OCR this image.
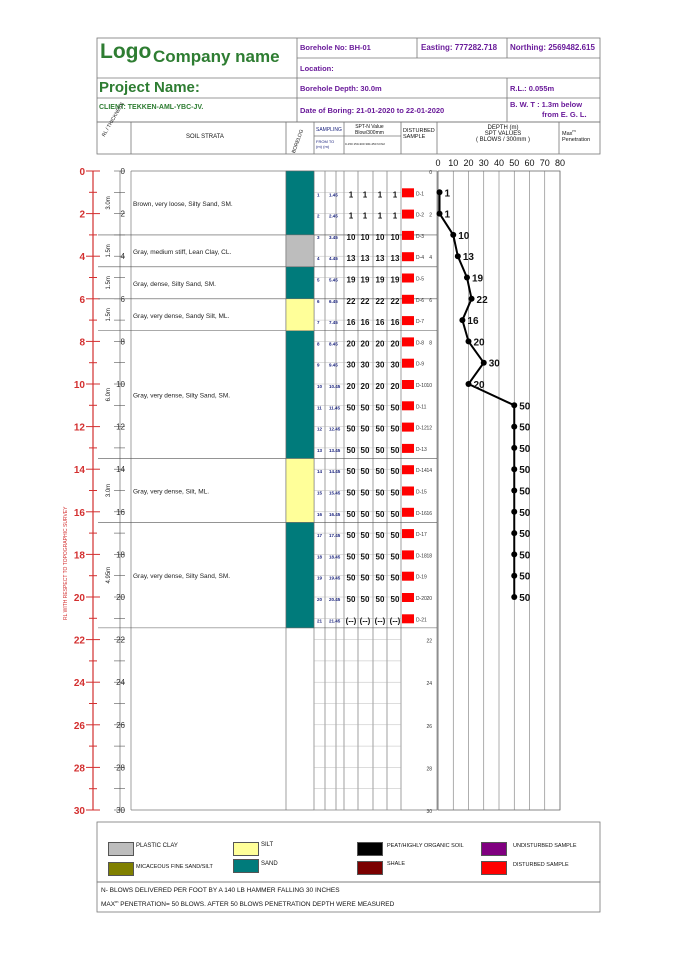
0	0	0
2	2	2
4	4	4
6	6	6
8	8	8
10	10	10
12	12	12
14	14	14
16	16	16
18	18	18
20	20	20
22	22	22
24	24	24
26	26	26
28	28	28
30	30	30
Brown, very loose, Silty Sand, SM.
3.0m
Gray, medium stiff, Lean Clay, CL.
1.5m
Gray, dense, Silty Sand, SM.
1.5m
Gray, very dense, Sandy Silt, ML.
1.5m
Gray, very dense, Silty Sand, SM.
6.0m
Gray, very dense, Silt, ML.
3.0m
Gray, very dense, Silty Sand, SM.
4.95m
1 1.45 1 1 1 1	D-1
2 2.45 1 1 1 1	D-2
3 3.45 10 10 10 10	D-3
4 4.45 13 13 13 13	D-4
5 5.45 19 19 19 19	D-5
6 6.45 22 22 22 22	D-6
7 7.45 16 16 16 16	D-7
8 8.45 20 20 20 20	D-8
9 9.45 30 30 30 30	D-9
10 10.45 20 20 20 20	D-10
11 11.45 50 50 50 50	D-11
12 12.45 50 50 50 50	D-12
13 13.45 50 50 50 50	D-13
14 14.45 50 50 50 50	D-14
15 15.45 50 50 50 50	D-15
16 16.45 50 50 50 50	D-16
17 17.45 50 50 50 50	D-17
18 18.45 50 50 50 50	D-18
19 19.45 50 50 50 50	D-19
20 20.45 50 50 50 50	D-20
21 21.45 (--) (--) (--) (--)	D-21
0 10 20 30 40 50 60 70 80
1
1
10
13
19
22
16
20
30
20
50
50
50
50
50
50
50
50
50
50
Logo Company name
Project Name:
CLIENT: TEKKEN-AML-YBC-JV.
Borehole No: BH-01	Easting: 777282.718 Northing: 2569482.615
Location:
Borehole Depth: 30.0m	R.L.: 0.055m
Date of Boring: 21-01-2020 to 22-01-2020
B. W. T : 1.3m below
from E. G. L.
RL / THICKNESS
SOIL STRATA	BORELOG SAMPLING
FROM TO
(m) (m)
SPT-N Value
Blow/300mm
0-150 150-300 300-450 N=N2
DISTURBED
SAMPLE
DEPTH (m)
SPT VALUES
( BLOWS / 300mm )
Max$^m$
Penetration
RL WITH RESPECT TO TOPOGRAPHIC SURVEY
PLASTIC CLAY	SILT	PEAT/HIGHLY ORGANIC SOIL	UNDISTURBED SAMPLE
MICACEOUS FINE SAND/SILT	SAND	SHALE	DISTURBED SAMPLE
N- BLOWS DELIVERED PER FOOT BY A 140 LB HAMMER FALLING 30 INCHES
MAX$^m$ PENETRATION= 50 BLOWS. AFTER 50 BLOWS PENETRATION DEPTH WERE MEASURED
